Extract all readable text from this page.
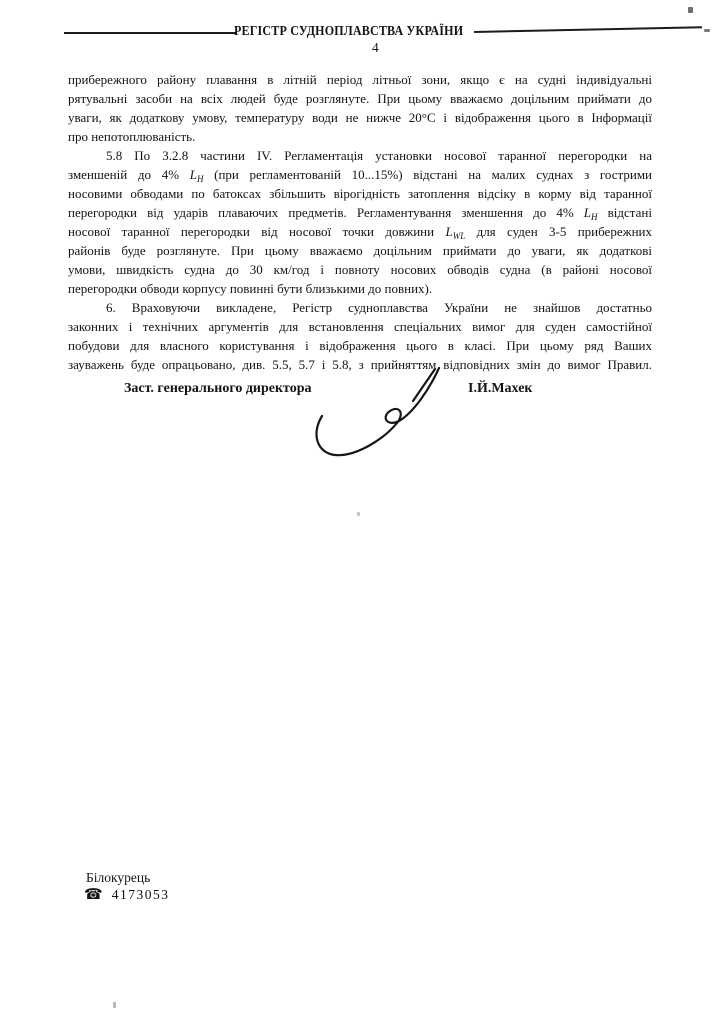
РЕГІСТР СУДНОПЛАВСТВА УКРАЇНИ
4
прибережного району плавання в літній період літньої зони, якщо є на судні індивідуальні
рятувальні засоби на всіх людей буде розглянуте. При цьому вважаємо доцільним приймати до
уваги, як додаткову умову, температуру води не нижче 20°С і відображення цього в Інформації
про непотоплюваність.
5.8 По 3.2.8 частини IV. Регламентація установки носової таранної перегородки на
зменшеній до 4% $L_H$ (при регламентованій 10...15%) відстані на малих суднах з гострими
носовими обводами по батоксах збільшить вірогідність затоплення відсіку в корму від таранної
перегородки від ударів плаваючих предметів. Регламентування зменшення до 4% $L_H$ відстані
носової таранної перегородки від носової точки довжини $L_{WL}$ для суден 3-5 прибережних
районів буде розглянуте. При цьому вважаємо доцільним приймати до уваги, як додаткові
умови, швидкість судна до 30 км/год і повноту носових обводів судна (в районі носової
перегородки обводи корпусу повинні бути близькими до повних).
6. Враховуючи викладене, Регістр судноплавства України не знайшов достатньо
законних і технічних аргументів для встановлення спеціальних вимог для суден самостійної
побудови для власного користування і відображення цього в класі. При цьому ряд Ваших
зауважень буде опрацьовано, див. 5.5, 5.7 і 5.8, з прийняттям відповідних змін до вимог Правил.
Заст. генерального директора	І.Й.Махек
Білокурець
☎ 4173053
